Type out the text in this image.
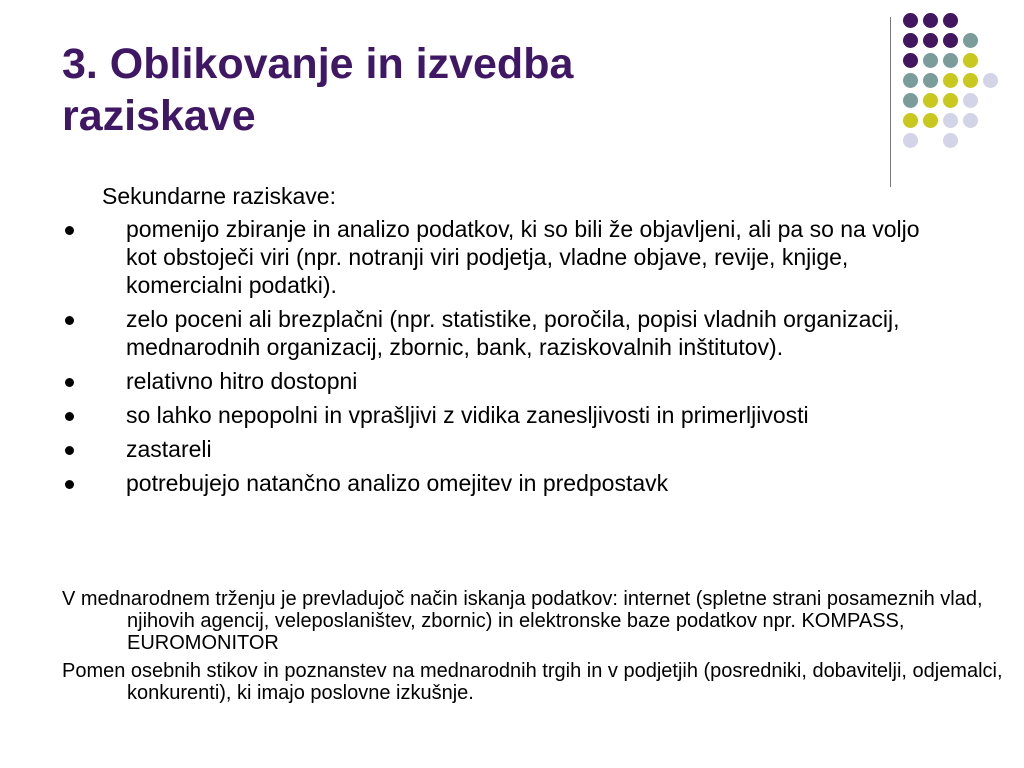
3. Oblikovanje in izvedba
raziskave

Sekundarne raziskave:

pomenijo zbiranje in analizo podatkov, ki so bili že objavljeni, ali pa so na voljo kot obstoječi viri (npr. notranji viri podjetja, vladne objave, revije, knjige, komercialni podatki).
zelo poceni ali brezplačni (npr. statistike, poročila, popisi vladnih organizacij, mednarodnih organizacij, zbornic, bank, raziskovalnih inštitutov).
relativno hitro dostopni
so lahko nepopolni in vprašljivi z vidika zanesljivosti in primerljivosti
zastareli
potrebujejo natančno analizo omejitev in predpostavk

V mednarodnem trženju je prevladujoč način iskanja podatkov: internet (spletne strani posameznih vlad, njihovih agencij, veleposlaništev, zbornic) in elektronske baze podatkov npr. KOMPASS, EUROMONITOR

Pomen osebnih stikov in poznanstev na mednarodnih trgih in v podjetjih (posredniki, dobavitelji, odjemalci, konkurenti), ki imajo poslovne izkušnje.
